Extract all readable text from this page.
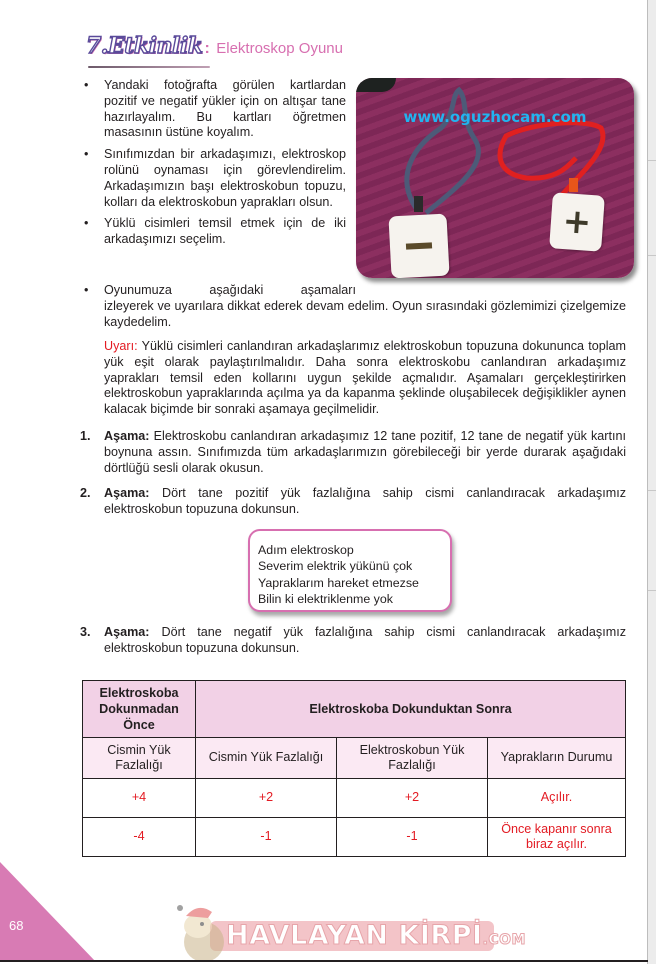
7.Etkinlik : Elektroskop Oyunu
• Yandaki fotoğrafta görülen kartlardan pozitif ve negatif yükler için on altışar tane hazırlayalım. Bu kartları öğretmen masasının üstüne koyalım.
• Sınıfımızdan bir arkadaşımızı, elektroskop rolünü oynaması için görevlendirelim. Arkadaşımızın başı elektroskobun topuzu, kolları da elektroskobun yaprakları olsun.
• Yüklü cisimleri temsil etmek için de iki arkadaşımızı seçelim.
• Oyunumuza aşağıdaki aşamaları
izleyerek ve uyarılara dikkat ederek devam edelim. Oyun sırasındaki gözlemimizi çizelgemize kaydedelim.
www.oguzhocam.com
+
Uyarı: Yüklü cisimleri canlandıran arkadaşlarımız elektroskobun topuzuna dokununca toplam yük eşit olarak paylaştırılmalıdır. Daha sonra elektroskobu canlandıran arkadaşımız yaprakları temsil eden kollarını uygun şekilde açmalıdır. Aşamaları gerçekleştirirken elektroskobun yapraklarında açılma ya da kapanma şeklinde oluşabilecek değişiklikler aynen kalacak biçimde bir sonraki aşamaya geçilmelidir.
1. Aşama: Elektroskobu canlandıran arkadaşımız 12 tane pozitif, 12 tane de negatif yük kartını boynuna assın. Sınıfımızda tüm arkadaşlarımızın görebileceği bir yerde durarak aşağıdaki dörtlüğü sesli olarak okusun.
2. Aşama: Dört tane pozitif yük fazlalığına sahip cismi canlandıracak arkadaşımız elektroskobun topuzuna dokunsun.
Adım elektroskop
Severim elektrik yükünü çok
Yapraklarım hareket etmezse
Bilin ki elektriklenme yok
3. Aşama: Dört tane negatif yük fazlalığına sahip cismi canlandıracak arkadaşımız elektroskobun topuzuna dokunsun.
Elektroskoba Dokunmadan Önce	Elektroskoba Dokunduktan Sonra		
Cismin Yük Fazlalığı	Cismin Yük Fazlalığı	Elektroskobun Yük Fazlalığı	Yaprakların Durumu
+4	+2	+2	Açılır.
-4	-1	-1	Önce kapanır sonra biraz açılır.
68	HAVLAYAN KİRPİ.COM
